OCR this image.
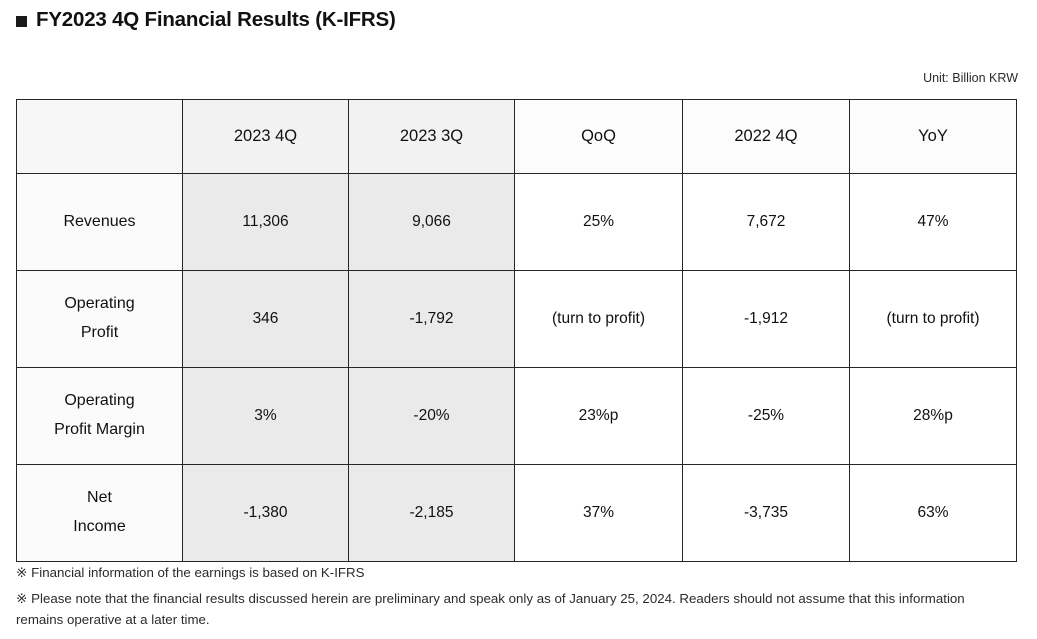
FY2023 4Q Financial Results (K-IFRS)
Unit: Billion KRW
	2023 4Q	2023 3Q	QoQ	2022 4Q	YoY

Revenues	11,306	9,066	25%	7,672	47%

Operating
Profit	346	-1,792	(turn to profit)	-1,912	(turn to profit)

Operating
Profit Margin	3%	-20%	23%p	-25%	28%p

Net
Income	-1,380	-2,185	37%	-3,735	63%

※ Financial information of the earnings is based on K-IFRS

※ Please note that the financial results discussed herein are preliminary and speak only as of January 25, 2024. Readers should not assume that this information remains operative at a later time.
